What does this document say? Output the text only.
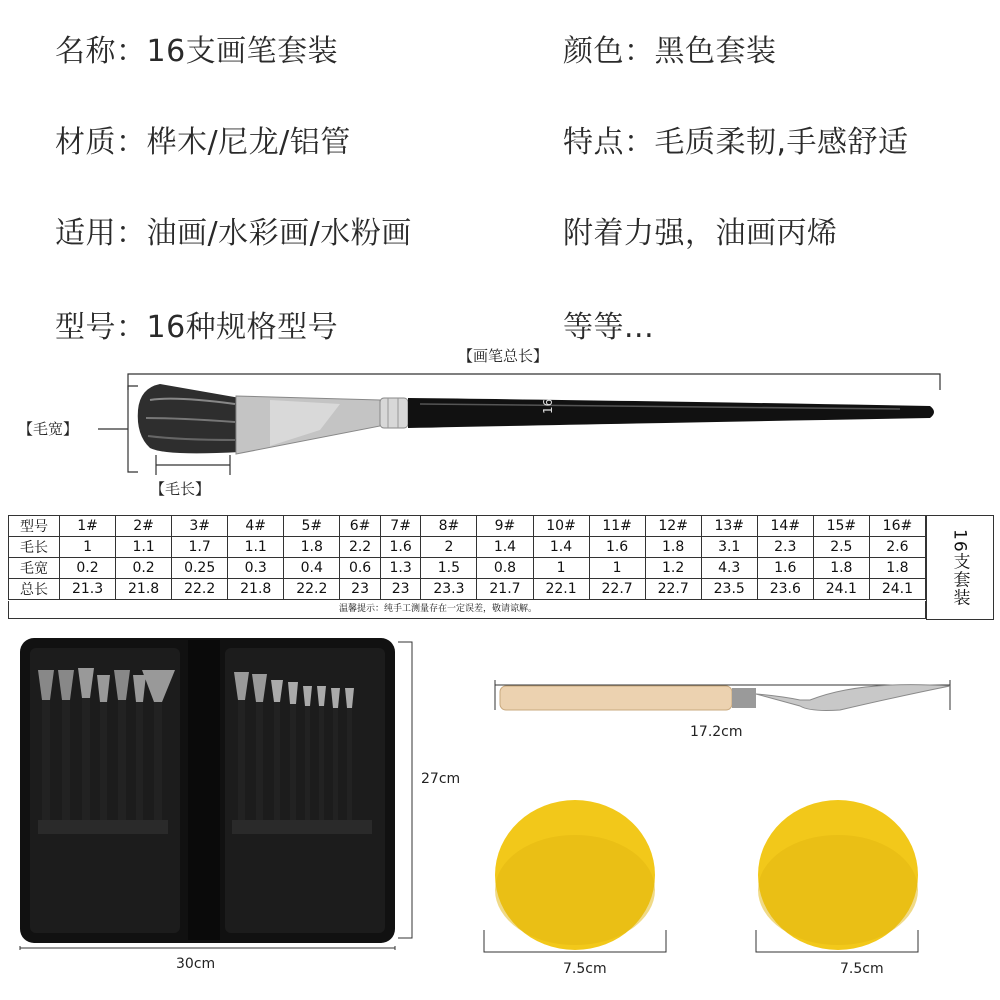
名称：16支画笔套装	颜色：黑色套装
材质：桦木/尼龙/铝管	特点：毛质柔韧,手感舒适
适用：油画/水彩画/水粉画	附着力强，油画丙烯
型号：16种规格型号	等等...
【画笔总长】
【毛宽】
【毛长】
16
型号	1#	2#	3#	4#	5#	6#	7#	8#	9#	10#	11#	12#	13#	14#	15#	16#
毛长	1	1.1	1.7	1.1	1.8	2.2	1.6	2	1.4	1.4	1.6	1.8	3.1	2.3	2.5	2.6
毛宽	0.2	0.2	0.25	0.3	0.4	0.6	1.3	1.5	0.8	1	1	1.2	4.3	1.6	1.8	1.8
总长	21.3	21.8	22.2	21.8	22.2	23	23	23.3	21.7	22.1	22.7	22.7	23.5	23.6	24.1	24.1
温馨提示：纯手工测量存在一定误差，敬请谅解。
16支套装
27cm
30cm
17.2cm
7.5cm	7.5cm
